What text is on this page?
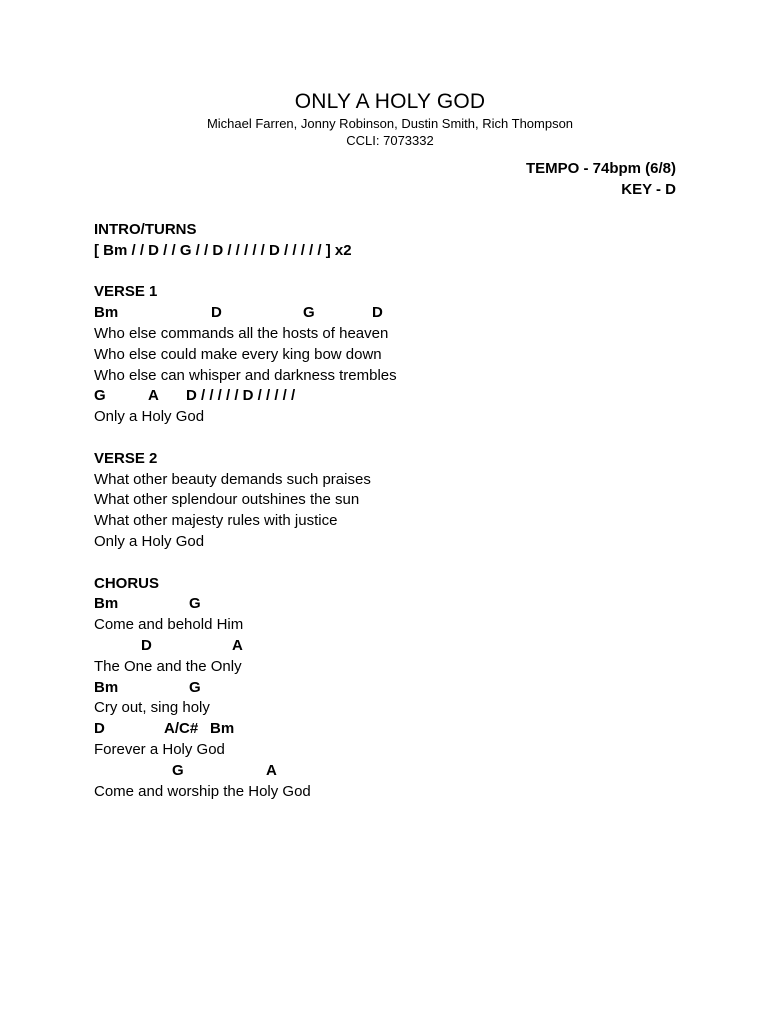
ONLY A HOLY GOD
Michael Farren, Jonny Robinson, Dustin Smith, Rich Thompson
CCLI: 7073332
TEMPO - 74bpm (6/8)
KEY - D
INTRO/TURNS
[ Bm / / D / / G / / D / / / / / D / / / / / ] x2
VERSE 1

Bm

	D

	G

	D

Who else commands all the hosts of heaven
Who else could make every king bow down
Who else can whisper and darkness trembles

G

	A

D / / / / / D / / / / /

Only a Holy God
VERSE 2
What other beauty demands such praises
What other splendour outshines the sun
What other majesty rules with justice
Only a Holy God
CHORUS

Bm

	G

Come and behold Him

D

	A

The One and the Only

Bm

	G

Cry out, sing holy

D

	A/C#

Bm

Forever a Holy God

G

	A

Come and worship the Holy God
